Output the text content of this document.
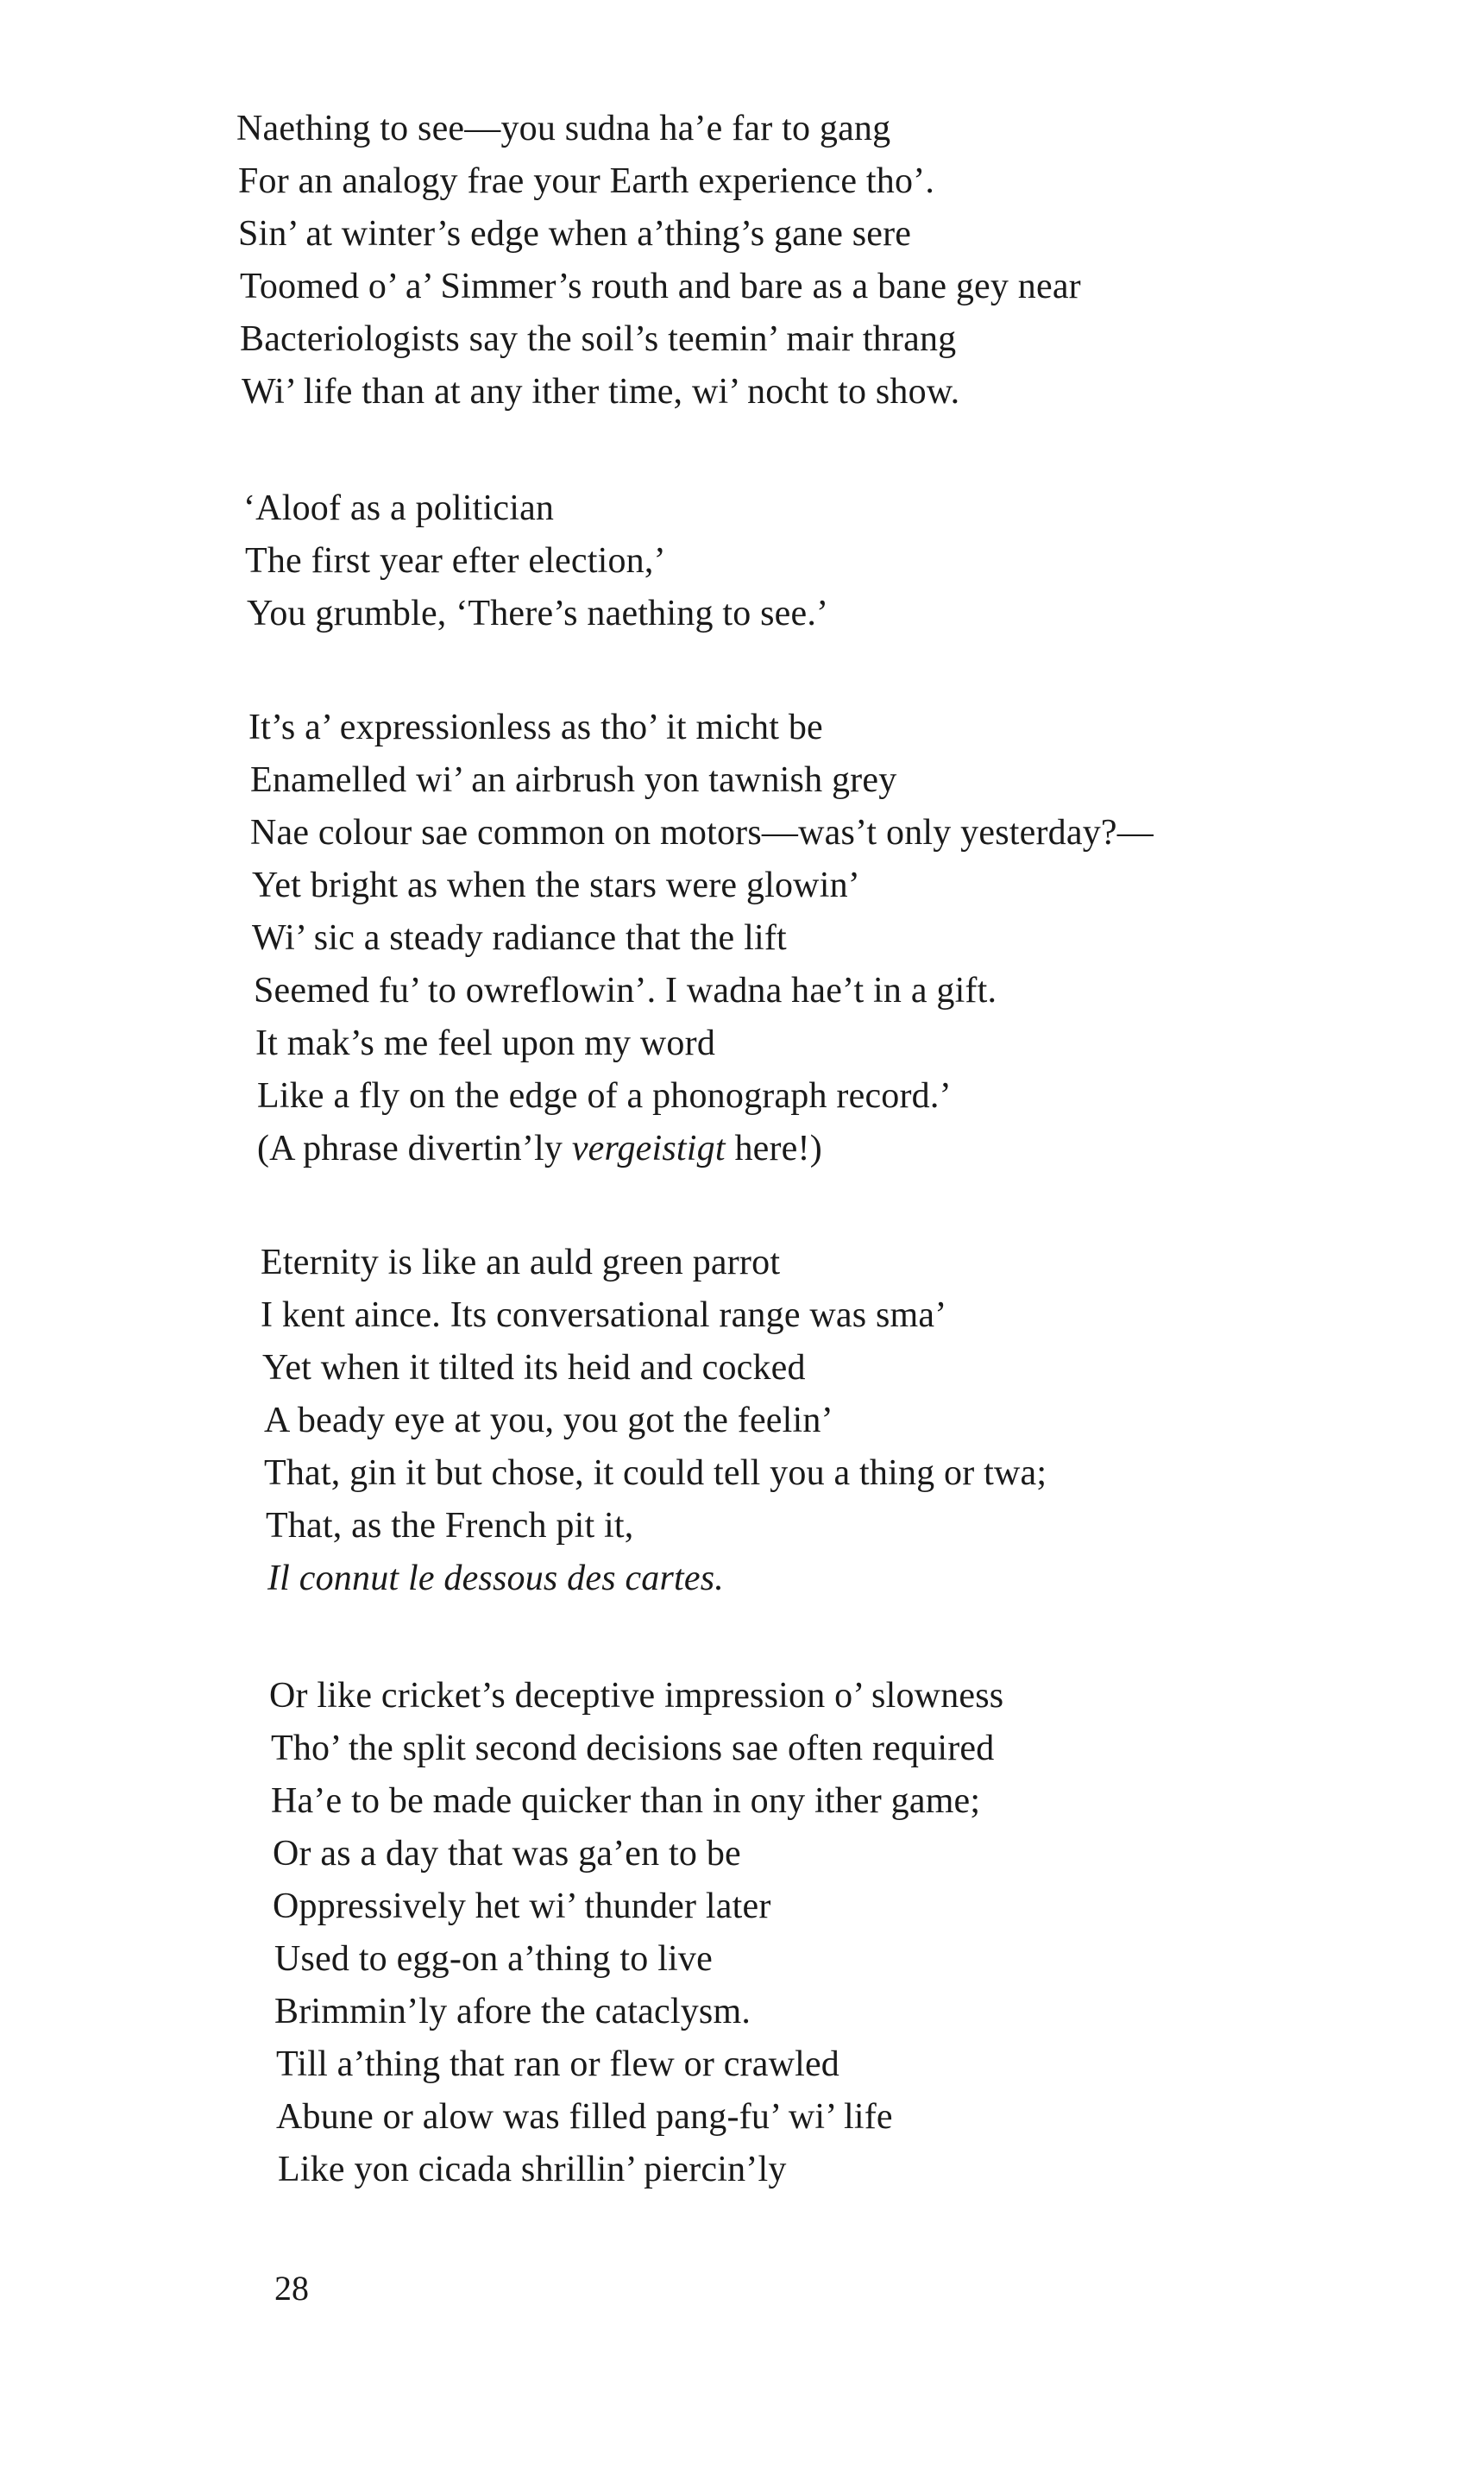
Naething to see—you sudna ha’e far to gang
For an analogy frae your Earth experience tho’.
Sin’ at winter’s edge when a’thing’s gane sere
Toomed o’ a’ Simmer’s routh and bare as a bane gey near
Bacteriologists say the soil’s teemin’ mair thrang
Wi’ life than at any ither time, wi’ nocht to show.
‘Aloof as a politician
The first year efter election,’
You grumble, ‘There’s naething to see.’
It’s a’ expressionless as tho’ it micht be
Enamelled wi’ an airbrush yon tawnish grey
Nae colour sae common on motors—was’t only yesterday?—
Yet bright as when the stars were glowin’
Wi’ sic a steady radiance that the lift
Seemed fu’ to owreflowin’. I wadna hae’t in a gift.
It mak’s me feel upon my word
Like a fly on the edge of a phonograph record.’
(A phrase divertin’ly vergeistigt here!)
Eternity is like an auld green parrot
I kent aince. Its conversational range was sma’
Yet when it tilted its heid and cocked
A beady eye at you, you got the feelin’
That, gin it but chose, it could tell you a thing or twa;
That, as the French pit it,
Il connut le dessous des cartes.
Or like cricket’s deceptive impression o’ slowness
Tho’ the split second decisions sae often required
Ha’e to be made quicker than in ony ither game;
Or as a day that was ga’en to be
Oppressively het wi’ thunder later
Used to egg-on a’thing to live
Brimmin’ly afore the cataclysm.
Till a’thing that ran or flew or crawled
Abune or alow was filled pang-fu’ wi’ life
Like yon cicada shrillin’ piercin’ly
28
